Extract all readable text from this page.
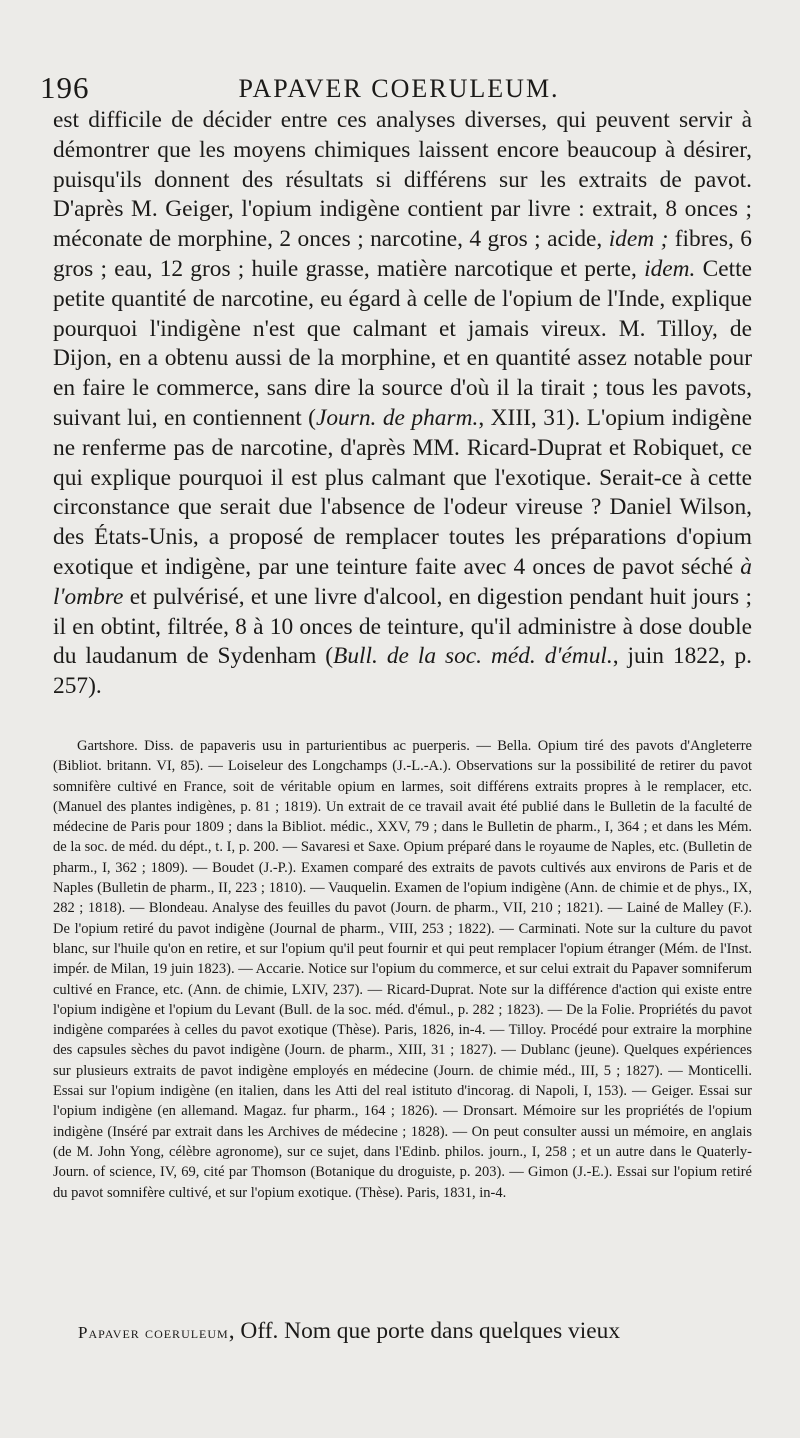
196	PAPAVER COERULEUM.

est difficile de décider entre ces analyses diverses, qui peuvent servir à démontrer que les moyens chimiques laissent encore beaucoup à désirer, puisqu'ils donnent des résultats si différens sur les extraits de pavot. D'après M. Geiger, l'opium indigène contient par livre : extrait, 8 onces ; méconate de morphine, 2 onces ; narcotine, 4 gros ; acide, idem ; fibres, 6 gros ; eau, 12 gros ; huile grasse, matière narcotique et perte, idem. Cette petite quantité de narcotine, eu égard à celle de l'opium de l'Inde, explique pourquoi l'indigène n'est que calmant et jamais vireux. M. Tilloy, de Dijon, en a obtenu aussi de la morphine, et en quantité assez notable pour en faire le commerce, sans dire la source d'où il la tirait ; tous les pavots, suivant lui, en contiennent (Journ. de pharm., XIII, 31). L'opium indigène ne renferme pas de narcotine, d'après MM. Ricard-Duprat et Robiquet, ce qui explique pourquoi il est plus calmant que l'exotique. Serait-ce à cette circonstance que serait due l'absence de l'odeur vireuse ? Daniel Wilson, des États-Unis, a proposé de remplacer toutes les préparations d'opium exotique et indigène, par une teinture faite avec 4 onces de pavot séché à l'ombre et pulvérisé, et une livre d'alcool, en digestion pendant huit jours ; il en obtint, filtrée, 8 à 10 onces de teinture, qu'il administre à dose double du laudanum de Sydenham (Bull. de la soc. méd. d'émul., juin 1822, p. 257).

Gartshore. Diss. de papaveris usu in parturientibus ac puerperis. — Bella. Opium tiré des pavots d'Angleterre (Bibliot. britann. VI, 85). — Loiseleur des Longchamps (J.-L.-A.). Observations sur la possibilité de retirer du pavot somnifère cultivé en France, soit de véritable opium en larmes, soit différens extraits propres à le remplacer, etc. (Manuel des plantes indigènes, p. 81 ; 1819). Un extrait de ce travail avait été publié dans le Bulletin de la faculté de médecine de Paris pour 1809 ; dans la Bibliot. médic., XXV, 79 ; dans le Bulletin de pharm., I, 364 ; et dans les Mém. de la soc. de méd. du dépt., t. I, p. 200. — Savaresi et Saxe. Opium préparé dans le royaume de Naples, etc. (Bulletin de pharm., I, 362 ; 1809). — Boudet (J.-P.). Examen comparé des extraits de pavots cultivés aux environs de Paris et de Naples (Bulletin de pharm., II, 223 ; 1810). — Vauquelin. Examen de l'opium indigène (Ann. de chimie et de phys., IX, 282 ; 1818). — Blondeau. Analyse des feuilles du pavot (Journ. de pharm., VII, 210 ; 1821). — Lainé de Malley (F.). De l'opium retiré du pavot indigène (Journal de pharm., VIII, 253 ; 1822). — Carminati. Note sur la culture du pavot blanc, sur l'huile qu'on en retire, et sur l'opium qu'il peut fournir et qui peut remplacer l'opium étranger (Mém. de l'Inst. impér. de Milan, 19 juin 1823). — Accarie. Notice sur l'opium du commerce, et sur celui extrait du Papaver somniferum cultivé en France, etc. (Ann. de chimie, LXIV, 237). — Ricard-Duprat. Note sur la différence d'action qui existe entre l'opium indigène et l'opium du Levant (Bull. de la soc. méd. d'émul., p. 282 ; 1823). — De la Folie. Propriétés du pavot indigène comparées à celles du pavot exotique (Thèse). Paris, 1826, in-4. — Tilloy. Procédé pour extraire la morphine des capsules sèches du pavot indigène (Journ. de pharm., XIII, 31 ; 1827). — Dublanc (jeune). Quelques expériences sur plusieurs extraits de pavot indigène employés en médecine (Journ. de chimie méd., III, 5 ; 1827). — Monticelli. Essai sur l'opium indigène (en italien, dans les Atti del real istituto d'incorag. di Napoli, I, 153). — Geiger. Essai sur l'opium indigène (en allemand. Magaz. fur pharm., 164 ; 1826). — Dronsart. Mémoire sur les propriétés de l'opium indigène (Inséré par extrait dans les Archives de médecine ; 1828). — On peut consulter aussi un mémoire, en anglais (de M. John Yong, célèbre agronome), sur ce sujet, dans l'Edinb. philos. journ., I, 258 ; et un autre dans le Quaterly-Journ. of science, IV, 69, cité par Thomson (Botanique du droguiste, p. 203). — Gimon (J.-E.). Essai sur l'opium retiré du pavot somnifère cultivé, et sur l'opium exotique. (Thèse). Paris, 1831, in-4.

Papaver coeruleum, Off. Nom que porte dans quelques vieux
